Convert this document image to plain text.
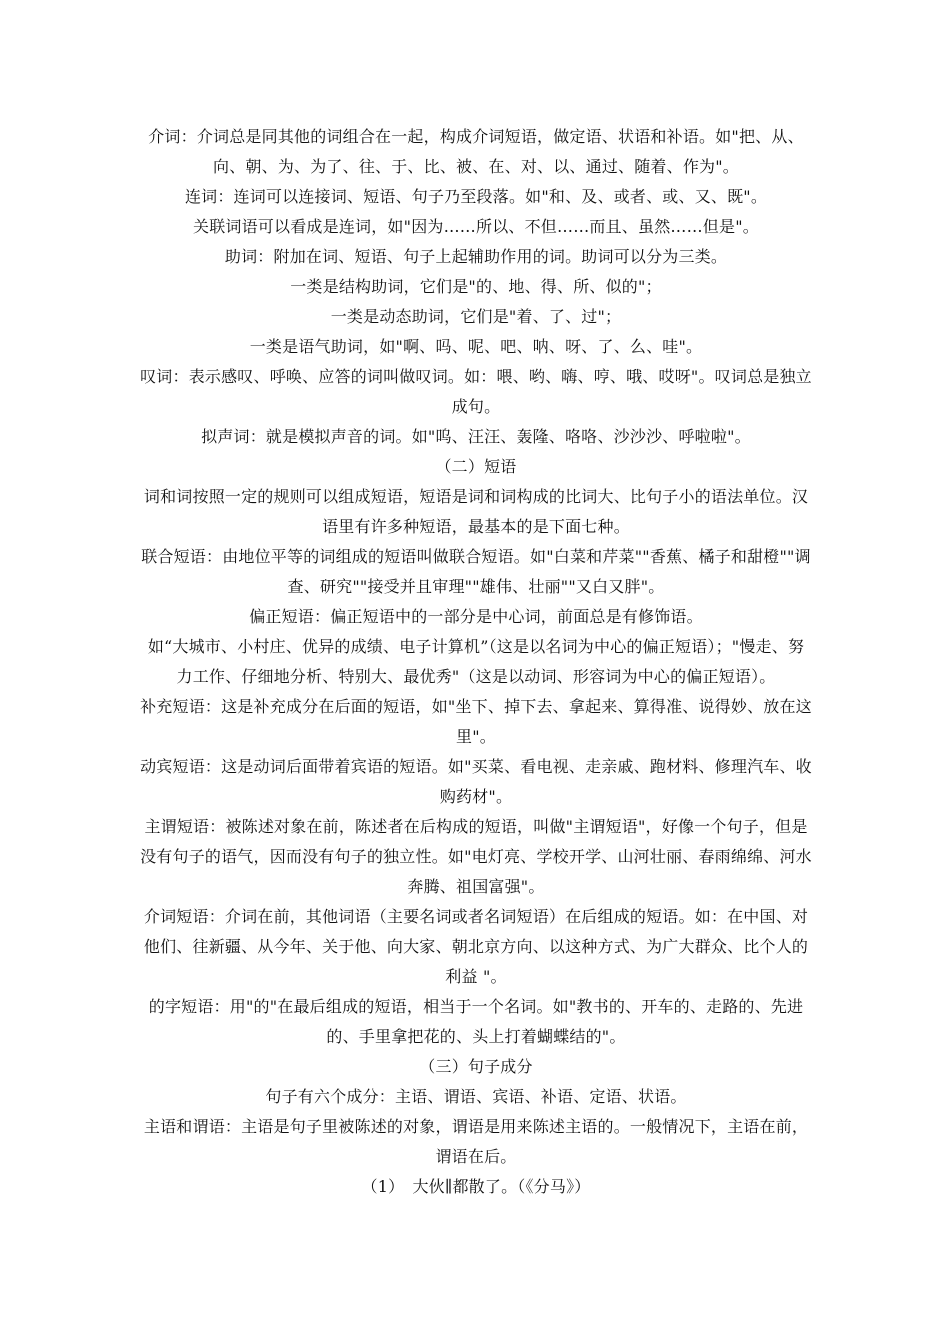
介词：介词总是同其他的词组合在一起，构成介词短语，做定语、状语和补语。如"把、从、向、朝、为、为了、往、于、比、被、在、对、以、通过、随着、作为"。

连词：连词可以连接词、短语、句子乃至段落。如"和、及、或者、或、又、既"。

关联词语可以看成是连词，如"因为……所以、不但……而且、虽然……但是"。

助词：附加在词、短语、句子上起辅助作用的词。助词可以分为三类。

一类是结构助词，它们是"的、地、得、所、似的"；

一类是动态助词，它们是"着、了、过"；

一类是语气助词，如"啊、吗、呢、吧、呐、呀、了、么、哇"。

叹词：表示感叹、呼唤、应答的词叫做叹词。如：喂、哟、嗨、哼、哦、哎呀"。叹词总是独立成句。

拟声词：就是模拟声音的词。如"呜、汪汪、轰隆、咯咯、沙沙沙、呼啦啦"。

（二）短语

词和词按照一定的规则可以组成短语，短语是词和词构成的比词大、比句子小的语法单位。汉语里有许多种短语，最基本的是下面七种。

联合短语：由地位平等的词组成的短语叫做联合短语。如"白菜和芹菜""香蕉、橘子和甜橙""调查、研究""接受并且审理""雄伟、壮丽""又白又胖"。

偏正短语：偏正短语中的一部分是中心词，前面总是有修饰语。

如“大城市、小村庄、优异的成绩、电子计算机”（这是以名词为中心的偏正短语）；"慢走、努力工作、仔细地分析、特别大、最优秀"（这是以动词、形容词为中心的偏正短语）。

补充短语：这是补充成分在后面的短语，如"坐下、掉下去、拿起来、算得准、说得妙、放在这里"。

动宾短语：这是动词后面带着宾语的短语。如"买菜、看电视、走亲戚、跑材料、修理汽车、收购药材"。

主谓短语：被陈述对象在前，陈述者在后构成的短语，叫做"主谓短语"，好像一个句子，但是没有句子的语气，因而没有句子的独立性。如"电灯亮、学校开学、山河壮丽、春雨绵绵、河水奔腾、祖国富强"。

介词短语：介词在前，其他词语（主要名词或者名词短语）在后组成的短语。如：在中国、对他们、往新疆、从今年、关于他、向大家、朝北京方向、以这种方式、为广大群众、比个人的利益 "。

的字短语：用"的"在最后组成的短语，相当于一个名词。如"教书的、开车的、走路的、先进的、手里拿把花的、头上打着蝴蝶结的"。

（三）句子成分

句子有六个成分：主语、谓语、宾语、补语、定语、状语。

主语和谓语：主语是句子里被陈述的对象，谓语是用来陈述主语的。一般情况下，主语在前，谓语在后。

（1）　大伙∥都散了。（《分马》）
